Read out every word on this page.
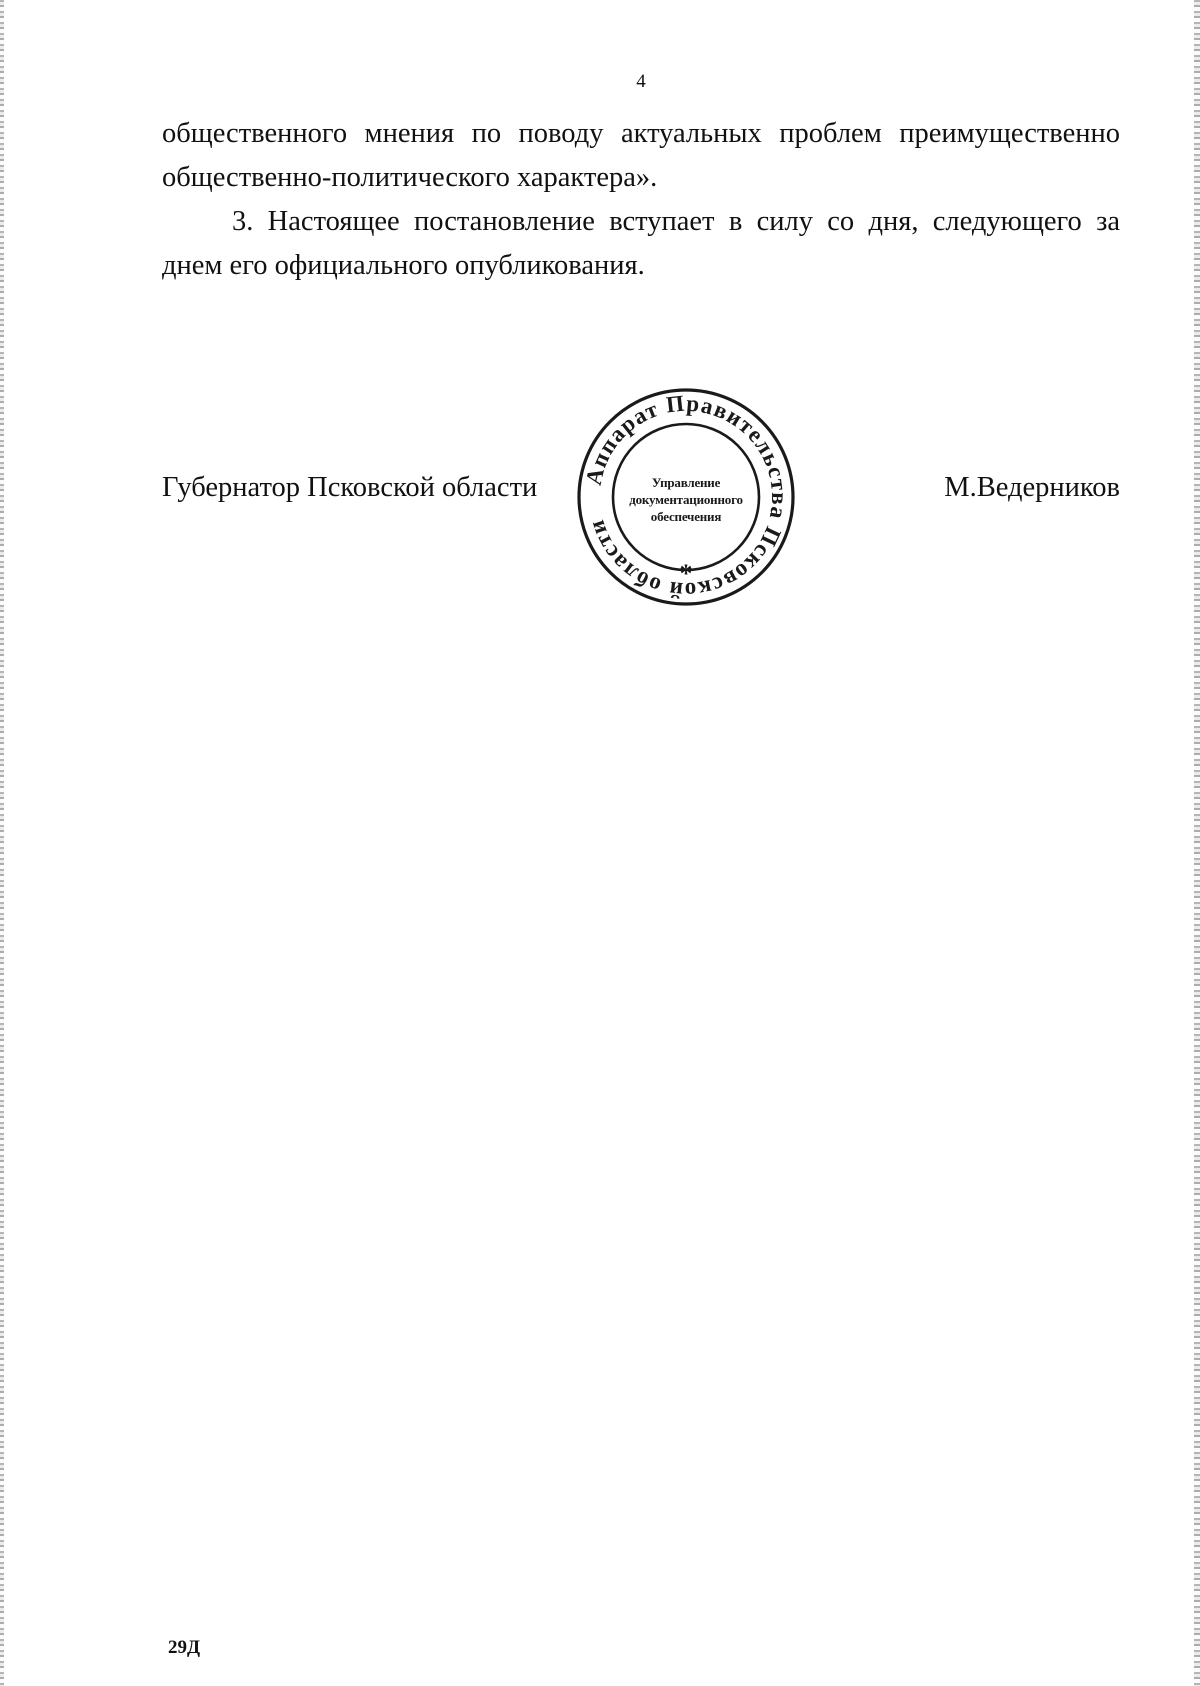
4

общественного мнения по поводу актуальных проблем преимущественно общественно-политического характера».

3. Настоящее постановление вступает в силу со дня, следующего за днем его официального опубликования.

Губернатор Псковской области	М.Ведерников
Аппарат Правительства Псковской области
*
Управление
документационного
обеспечения
29Д
